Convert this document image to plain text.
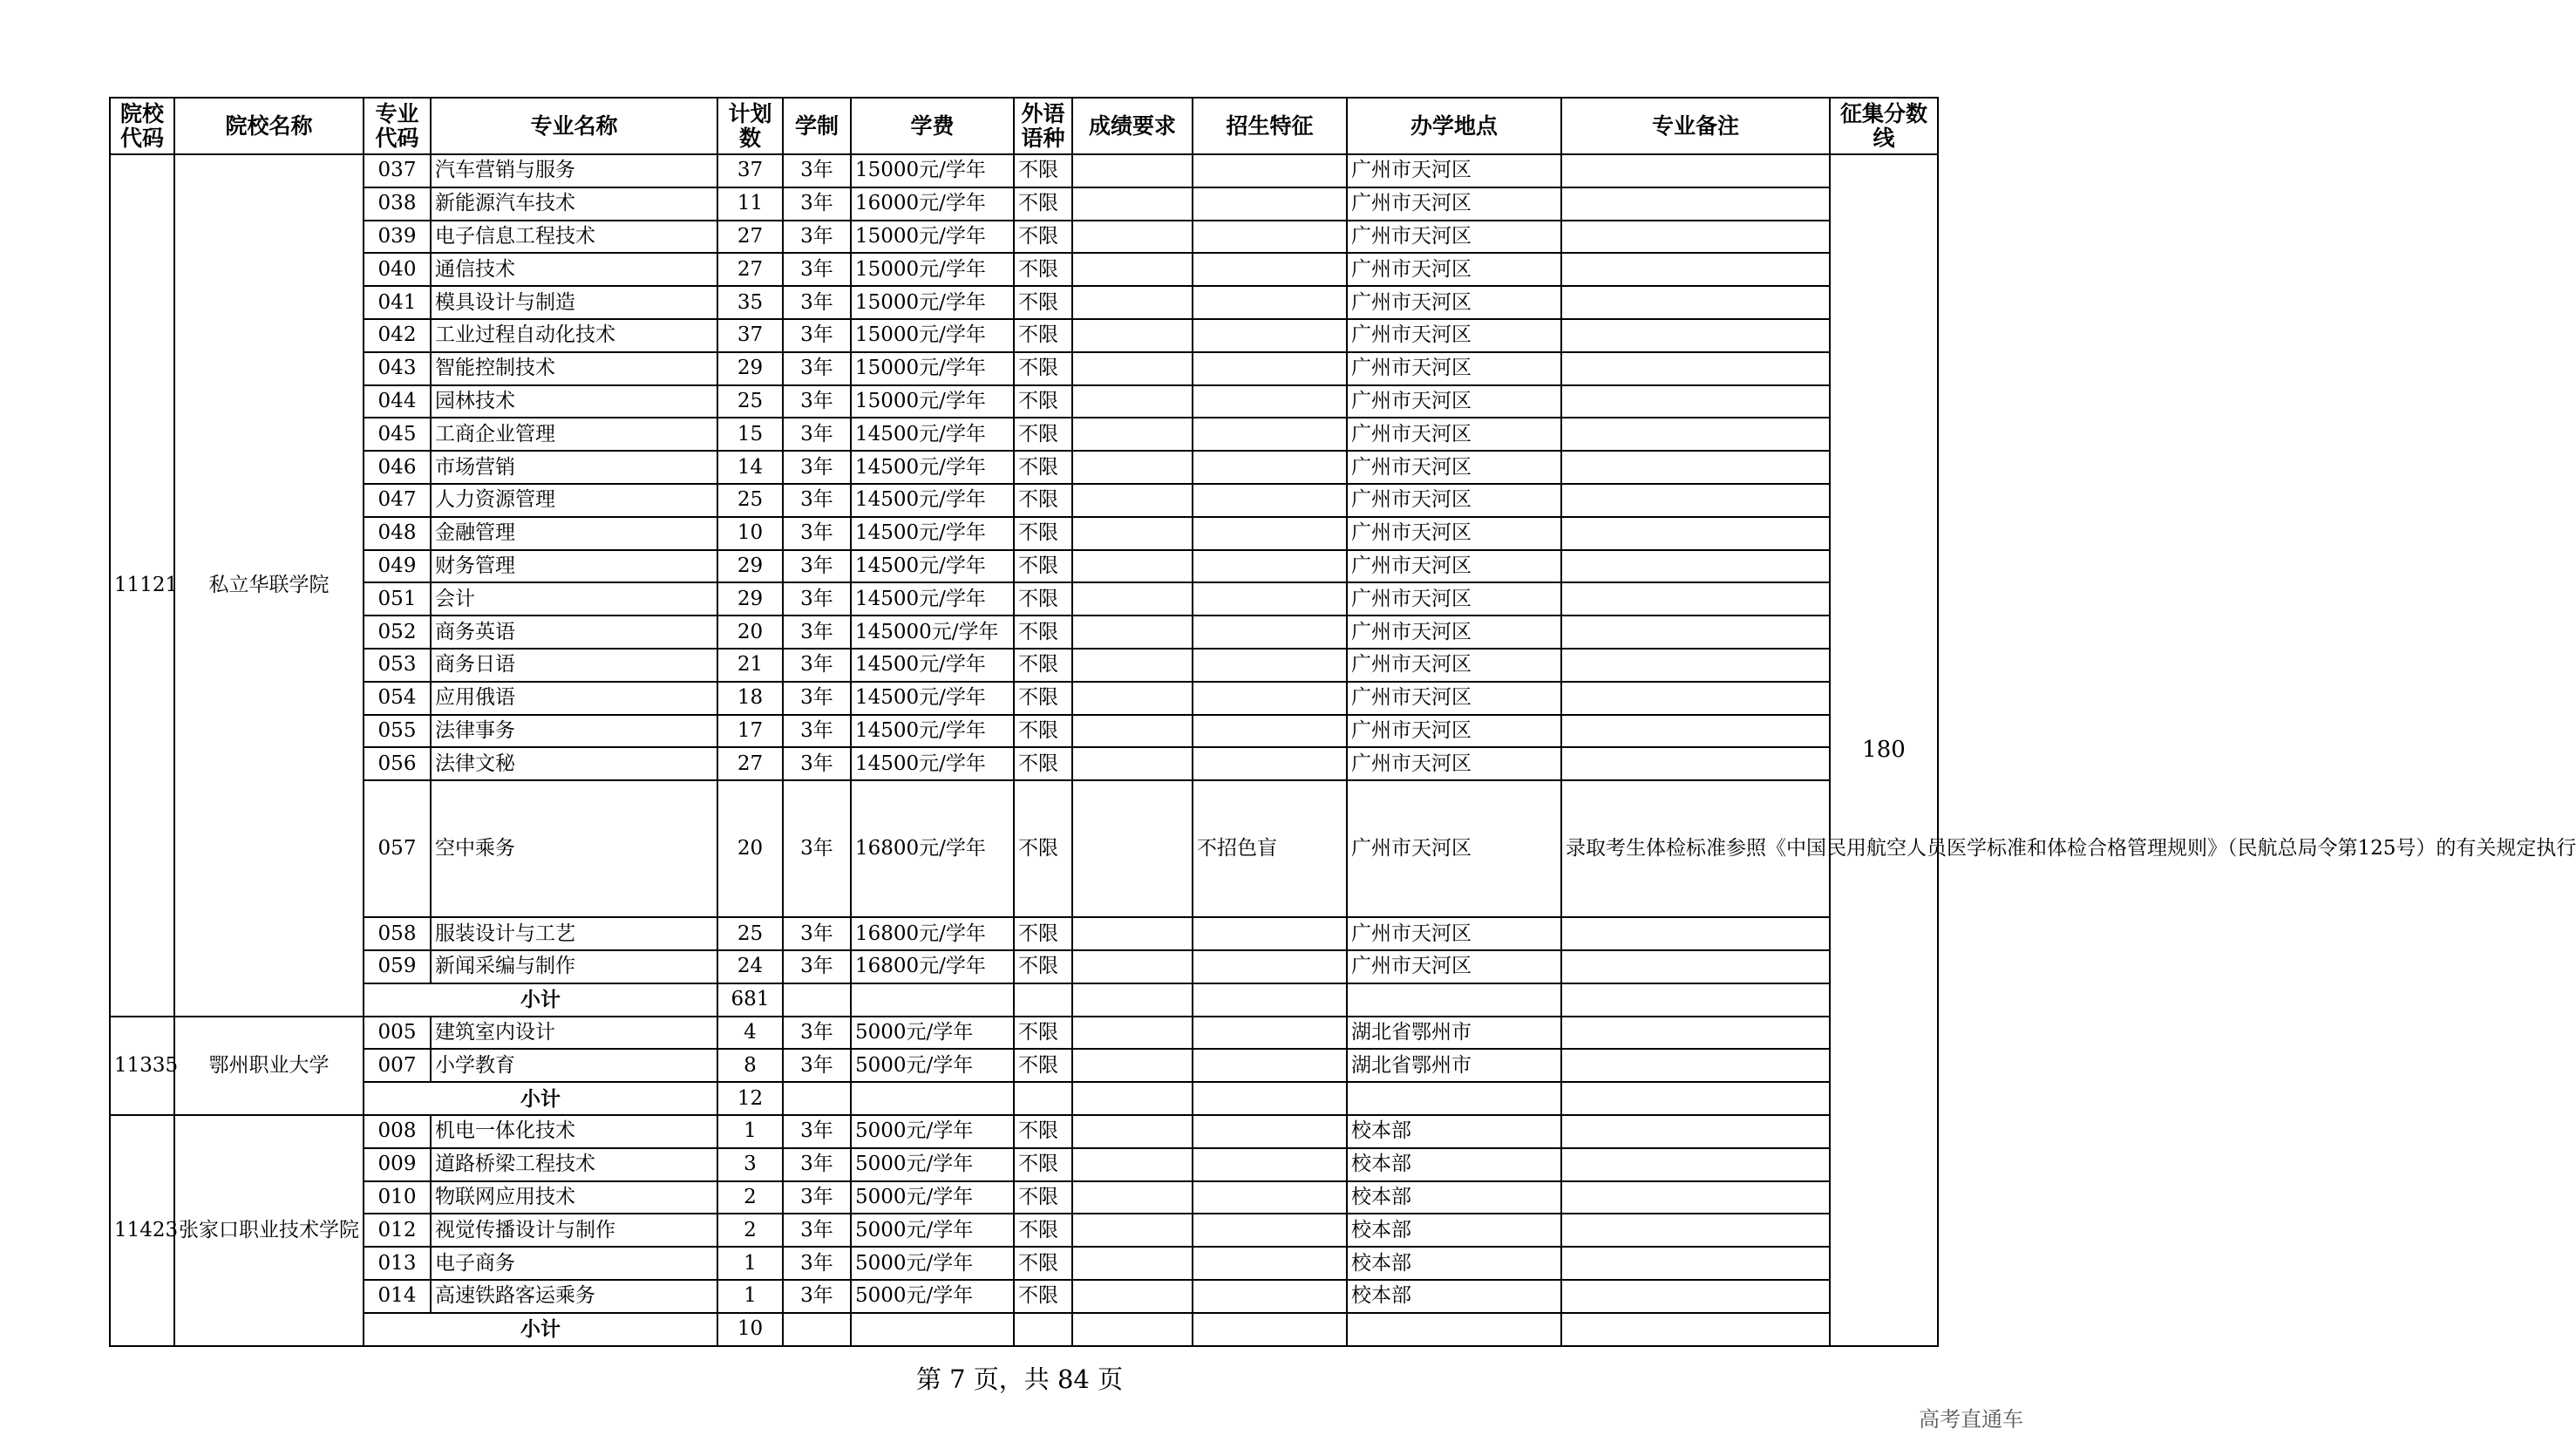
院校代码	院校名称	专业代码	专业名称	计划数	学制	学费	外语语种	成绩要求	招生特征	办学地点	专业备注	征集分数线
11121	私立华联学院	037	汽车营销与服务	37	3年	15000元/学年	不限			广州市天河区		180
		038	新能源汽车技术	11	3年	16000元/学年	不限			广州市天河区		
		039	电子信息工程技术	27	3年	15000元/学年	不限			广州市天河区		
		040	通信技术	27	3年	15000元/学年	不限			广州市天河区		
		041	模具设计与制造	35	3年	15000元/学年	不限			广州市天河区		
		042	工业过程自动化技术	37	3年	15000元/学年	不限			广州市天河区		
		043	智能控制技术	29	3年	15000元/学年	不限			广州市天河区		
		044	园林技术	25	3年	15000元/学年	不限			广州市天河区		
		045	工商企业管理	15	3年	14500元/学年	不限			广州市天河区		
		046	市场营销	14	3年	14500元/学年	不限			广州市天河区		
		047	人力资源管理	25	3年	14500元/学年	不限			广州市天河区		
		048	金融管理	10	3年	14500元/学年	不限			广州市天河区		
		049	财务管理	29	3年	14500元/学年	不限			广州市天河区		
		051	会计	29	3年	14500元/学年	不限			广州市天河区		
		052	商务英语	20	3年	145000元/学年	不限			广州市天河区		
		053	商务日语	21	3年	14500元/学年	不限			广州市天河区		
		054	应用俄语	18	3年	14500元/学年	不限			广州市天河区		
		055	法律事务	17	3年	14500元/学年	不限			广州市天河区		
		056	法律文秘	27	3年	14500元/学年	不限			广州市天河区		
		057	空中乘务	20	3年	16800元/学年	不限		不招色盲	广州市天河区	录取考生体检标准参照《中国民用航空人员医学标准和体检合格管理规则》（民航总局令第125号）的有关规定执行	
		058	服装设计与工艺	25	3年	16800元/学年	不限			广州市天河区		
		059	新闻采编与制作	24	3年	16800元/学年	不限			广州市天河区		
		小计		681								
11335	鄂州职业大学	005	建筑室内设计	4	3年	5000元/学年	不限			湖北省鄂州市		
		007	小学教育	8	3年	5000元/学年	不限			湖北省鄂州市		
		小计		12								
11423	张家口职业技术学院	008	机电一体化技术	1	3年	5000元/学年	不限			校本部		
		009	道路桥梁工程技术	3	3年	5000元/学年	不限			校本部		
		010	物联网应用技术	2	3年	5000元/学年	不限			校本部		
		012	视觉传播设计与制作	2	3年	5000元/学年	不限			校本部		
		013	电子商务	1	3年	5000元/学年	不限			校本部		
		014	高速铁路客运乘务	1	3年	5000元/学年	不限			校本部		
		小计		10								
第 7 页，共 84 页
高考直通车
